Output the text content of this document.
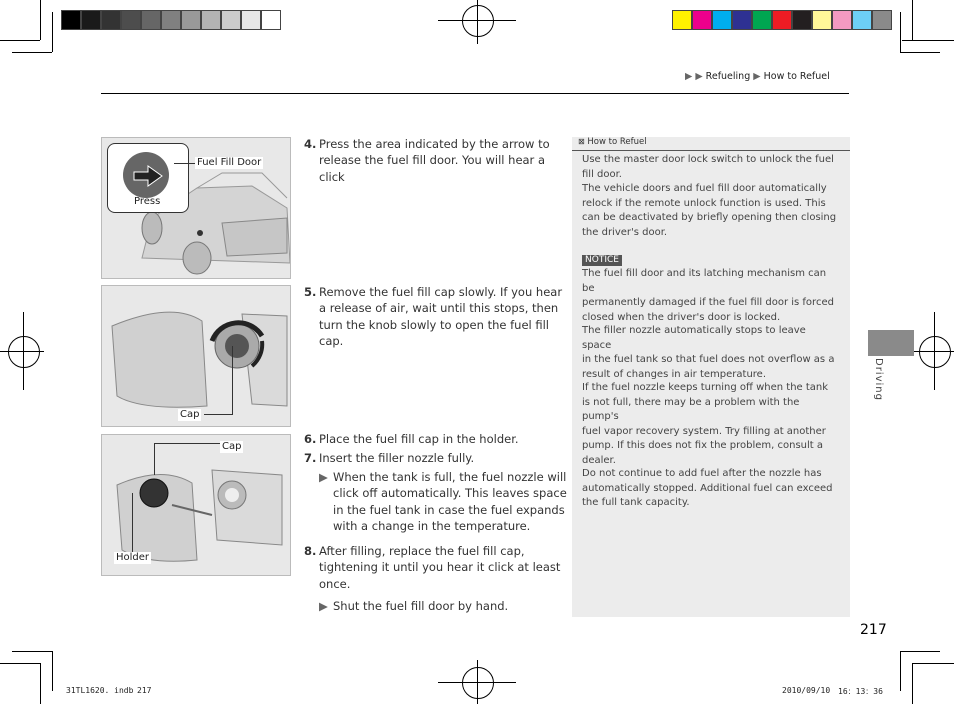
▶ ▶ Refueling ▶ How to Refuel
Press
Fuel Fill Door
Cap
Cap
Holder
4. Press the area indicated by the arrow to
release the fuel fill door. You will hear a
click
5. Remove the fuel fill cap slowly. If you hear
a release of air, wait until this stops, then
turn the knob slowly to open the fuel fill
cap.
6. Place the fuel fill cap in the holder.
7. Insert the filler nozzle fully.
▶ When the tank is full, the fuel nozzle will
click off automatically. This leaves space
in the fuel tank in case the fuel expands
with a change in the temperature.
8. After filling, replace the fuel fill cap,
tightening it until you hear it click at least
once.
▶ Shut the fuel fill door by hand.
⊠ How to Refuel
Use the master door lock switch to unlock the fuel
fill door.
The vehicle doors and fuel fill door automatically
relock if the remote unlock function is used. This
can be deactivated by briefly opening then closing
the driver's door.
NOTICE
The fuel fill door and its latching mechanism can be
permanently damaged if the fuel fill door is forced
closed when the driver's door is locked.
The filler nozzle automatically stops to leave space
in the fuel tank so that fuel does not overflow as a
result of changes in air temperature.
If the fuel nozzle keeps turning off when the tank
is not full, there may be a problem with the pump's
fuel vapor recovery system. Try filling at another
pump. If this does not fix the problem, consult a
dealer.
Do not continue to add fuel after the nozzle has
automatically stopped. Additional fuel can exceed
the full tank capacity.
Driving
217
31TL1620. indb 217	2010/09/10 16：13：36
